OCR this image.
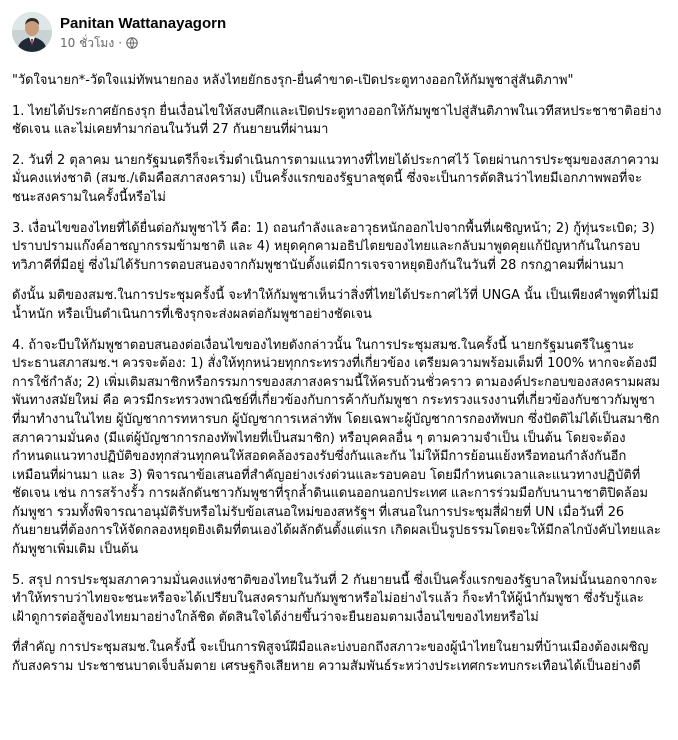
Panitan Wattanayagorn
10 ชั่วโมง ·

"วัดใจนายก*-วัดใจแม่ทัพนายกอง หลังไทยยักธงรุก-ยื่นคำขาด-เปิดประตูทางออกให้กัมพูชาสู่สันติภาพ"

1. ไทยได้ประกาศยักธงรุก ยื่นเงื่อนไขให้สงบศึกและเปิดประตูทางออกให้กัมพูชาไปสู่สันติภาพในเวทีสหประชาชาติอย่างชัดเจน และไม่เคยทำมาก่อนในวันที่ 27 กันยายนที่ผ่านมา

2. วันที่ 2 ตุลาคม นายกรัฐมนตรีก็จะเริ่มดำเนินการตามแนวทางที่ไทยได้ประกาศไว้ โดยผ่านการประชุมของสภาความมั่นคงแห่งชาติ (สมช./เดิมคือสภาสงคราม) เป็นครั้งแรกของรัฐบาลชุดนี้ ซึ่งจะเป็นการตัดสินว่าไทยมีเอกภาพพอที่จะชนะสงครามในครั้งนี้หรือไม่

3. เงื่อนไขของไทยที่ได้ยื่นต่อกัมพูชาไว้ คือ: 1) ถอนกำลังและอาวุธหนักออกไปจากพื้นที่เผชิญหน้า; 2) กู้ทุ่นระเบิด; 3) ปราบปรามแก๊งค์อาชญากรรมข้ามชาติ และ 4) หยุดคุกคามอธิปไตยของไทยและกลับมาพูดคุยแก้ปัญหากันในกรอบทวิภาคีที่มีอยู่ ซึ่งไม่ได้รับการตอบสนองจากกัมพูชานับตั้งแต่มีการเจรจาหยุดยิงกันในวันที่ 28 กรกฎาคมที่ผ่านมา

ดังนั้น มติของสมช.ในการประชุมครั้งนี้ จะทำให้กัมพูชาเห็นว่าสิ่งที่ไทยได้ประกาศไว้ที่ UNGA นั้น เป็นเพียงคำพูดที่ไม่มีน้ำหนัก หรือเป็นดำเนินการที่เชิงรุกจะส่งผลต่อกัมพูชาอย่างชัดเจน

4. ถ้าจะบีบให้กัมพูชาตอบสนองต่อเงื่อนไขของไทยดังกล่าวนั้น ในการประชุมสมช.ในครั้งนี้ นายกรัฐมนตรีในฐานะประธานสภาสมช.ฯ ควรจะต้อง: 1) สั่งให้ทุกหน่วยทุกกระทรวงที่เกี่ยวข้อง เตรียมความพร้อมเต็มที่ 100% หากจะต้องมีการใช้กำลัง; 2) เพิ่มเติมสมาชิกหรือกรรมการของสภาสงครามนี้ให้ครบถ้วนชั่วคราว ตามองค์ประกอบของสงครามผสมพันทางสมัยใหม่ คือ ควรมีกระทรวงพาณิชย์ที่เกี่ยวข้องกับการค้ากับกัมพูชา กระทรวงแรงงานที่เกี่ยวข้องกับชาวกัมพูชาที่มาทำงานในไทย ผู้บัญชาการทหารบก ผู้บัญชาการเหล่าทัพ โดยเฉพาะผู้บัญชาการกองทัพบก ซึ่งปัตติไม่ได้เป็นสมาชิกสภาความมั่นคง (มีแต่ผู้บัญชาการกองทัพไทยที่เป็นสมาชิก) หรือบุคคลอื่น ๆ ตามความจำเป็น เป็นต้น โดยจะต้องกำหนดแนวทางปฏิบัติของทุกส่วนทุกคนให้สอดคล้องรองรับซึ่งกันและกัน ไม่ให้มีการย้อนแย้งหรือทอนกำลังกันอีกเหมือนที่ผ่านมา และ 3) พิจารณาข้อเสนอที่สำคัญอย่างเร่งด่วนและรอบคอบ โดยมีกำหนดเวลาและแนวทางปฏิบัติที่ชัดเจน เช่น การสร้างรั้ว การผลักดันชาวกัมพูชาที่รุกล้ำดินแดนออกนอกประเทศ และการร่วมมือกับนานาชาติปิดล้อมกัมพูชา รวมทั้งพิจารณาอนุมัติรับหรือไม่รับข้อเสนอใหม่ของสหรัฐฯ ที่เสนอในการประชุมสี่ฝ่ายที่ UN เมื่อวันที่ 26 กันยายนที่ต้องการให้จัดกลองหยุดยิงเดิมที่ตนเองได้ผลักดันตั้งแต่แรก เกิดผลเป็นรูปธรรมโดยจะให้มีกลไกบังคับไทยและกัมพูชาเพิ่มเติม เป็นต้น

5. สรุป การประชุมสภาความมั่นคงแห่งชาติของไทยในวันที่ 2 กันยายนนี้ ซึ่งเป็นครั้งแรกของรัฐบาลใหม่นั้นนอกจากจะทำให้ทราบว่าไทยจะชนะหรือจะได้เปรียบในสงครามกับกัมพูชาหรือไม่อย่างไรแล้ว ก็จะทำให้ผู้นำกัมพูชา ซึ่งรับรู้และเฝ้าดูการต่อสู้ของไทยมาอย่างใกล้ชิด ตัดสินใจได้ง่ายขึ้นว่าจะยืนยอมตามเงื่อนไขของไทยหรือไม่

ที่สำคัญ การประชุมสมช.ในครั้งนี้ จะเป็นการพิสูจน์ฝีมือและบ่งบอกถึงสภาวะของผู้นำไทยในยามที่บ้านเมืองต้องเผชิญกับสงคราม ประชาชนบาดเจ็บล้มตาย เศรษฐกิจเสียหาย ความสัมพันธ์ระหว่างประเทศกระทบกระเทือนได้เป็นอย่างดี
